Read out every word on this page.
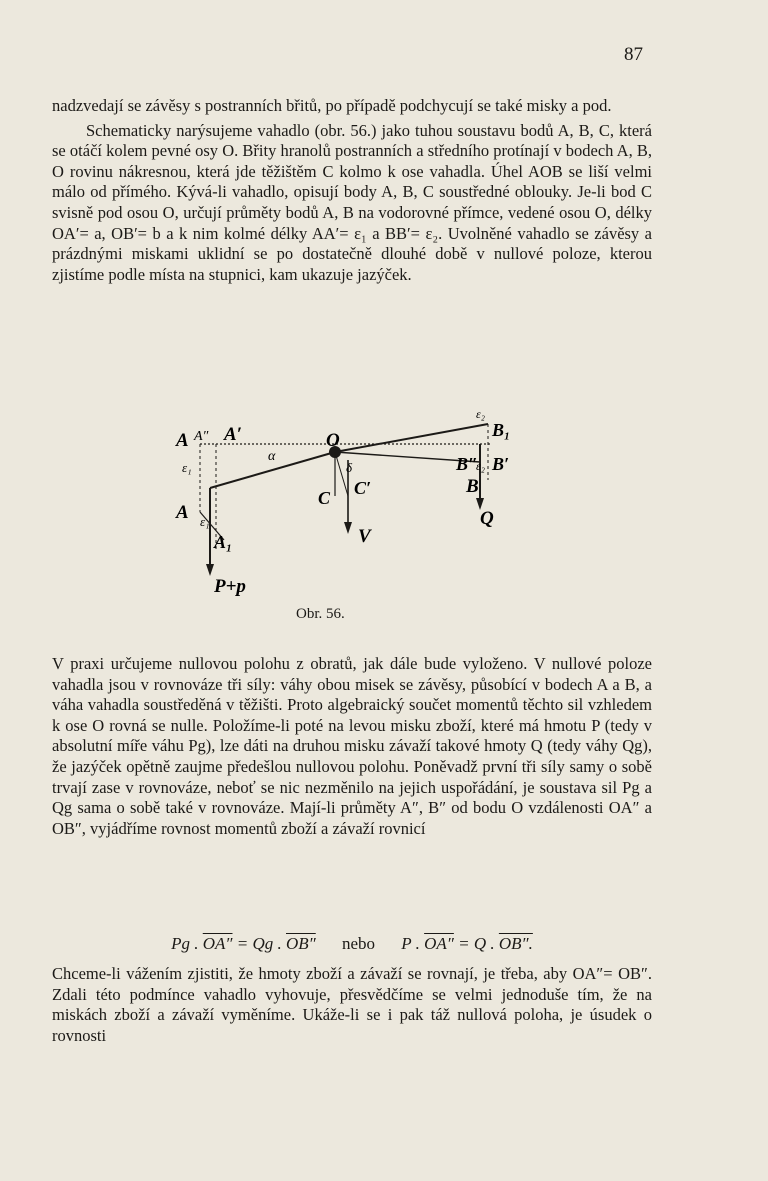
87

nadzvedají se závěsy s postranních břitů, po případě podchycují se také misky a pod.

Schematicky narýsujeme vahadlo (obr. 56.) jako tuhou soustavu bodů A, B, C, která se otáčí kolem pevné osy O. Břity hranolů postranních a středního protínají v bodech A, B, O rovinu nákresnou, která jde těžištěm C kolmo k ose vahadla. Úhel AOB se liší velmi málo od přímého. Kývá-li vahadlo, opisují body A, B, C soustředné oblouky. Je-li bod C svisně pod osou O, určují průměty bodů A, B na vodorovné přímce, vedené osou O, délky OA′= a, OB′= b a k nim kolmé délky AA′= ε₁ a BB′= ε₂. Uvolněné vahadlo se závěsy a prázdnými miskami uklidní se po dostatečně dlouhé době v nullové poloze, kterou zjistíme podle místa na stupnici, kam ukazuje jazýček.

A A″ A′
ε₁
α
A ε₁
A₁
P+p
O
δ
C C′
V
ε₂
B₁
B″
ε₂ B′
B
Q
Obr. 56.

V praxi určujeme nullovou polohu z obratů, jak dále bude vyloženo. V nullové poloze vahadla jsou v rovnováze tři síly: váhy obou misek se závěsy, působící v bodech A a B, a váha vahadla soustředěná v těžišti. Proto algebraický součet momentů těchto sil vzhledem k ose O rovná se nulle. Položíme-li poté na levou misku zboží, které má hmotu P (tedy v absolutní míře váhu Pg), lze dáti na druhou misku závaží takové hmoty Q (tedy váhy Qg), že jazýček opětně zaujme předešlou nullovou polohu. Poněvadž první tři síly samy o sobě trvají zase v rovnováze, neboť se nic nezměnilo na jejich uspořádání, je soustava sil Pg a Qg sama o sobě také v rovnováze. Mají-li průměty A″, B″ od bodu O vzdálenosti OA″ a OB″, vyjádříme rovnost momentů zboží a závaží rovnicí

Pg . OA″ = Qg . OB″ nebo P . OA″ = Q . OB″.

Chceme-li vážením zjistiti, že hmoty zboží a závaží se rovnají, je třeba, aby OA″= OB″. Zdali této podmínce vahadlo vyhovuje, přesvědčíme se velmi jednoduše tím, že na miskách zboží a závaží vyměníme. Ukáže-li se i pak táž nullová poloha, je úsudek o rovnosti
